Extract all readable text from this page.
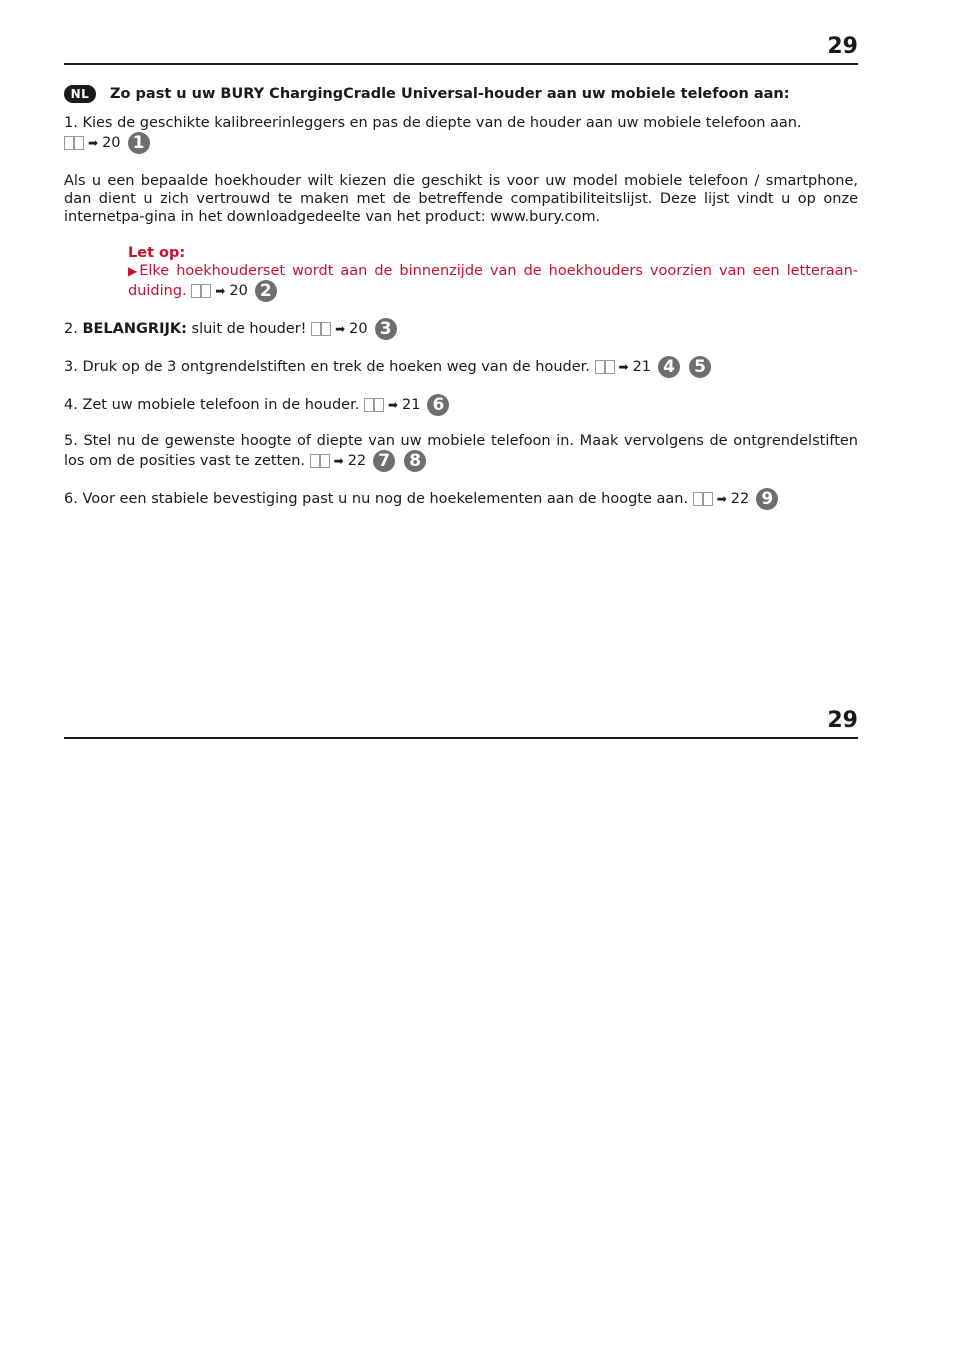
29
NL	Zo past u uw BURY ChargingCradle Universal-houder aan uw mobiele telefoon aan:

1. Kies de geschikte kalibreerinleggers en pas de diepte van de houder aan uw mobiele telefoon aan.

➡ 20 1

Als u een bepaalde hoekhouder wilt kiezen die geschikt is voor uw model mobiele telefoon / smartphone, dan dient u zich vertrouwd te maken met de betreffende compatibiliteitslijst. Deze lijst vindt u op onze internetpa-gina in het downloadgedeelte van het product: www.bury.com.

Let op:

▶ Elke hoekhouderset wordt aan de binnenzijde van de hoekhouders voorzien van een letteraan-duiding. ➡ 20 2

2. BELANGRIJK: sluit de houder! ➡ 20 3

3. Druk op de 3 ontgrendelstiften en trek de hoeken weg van de houder. ➡ 21 4 5

4. Zet uw mobiele telefoon in de houder. ➡ 21 6

5. Stel nu de gewenste hoogte of diepte van uw mobiele telefoon in. Maak vervolgens de ontgrendelstiften los om de posities vast te zetten. ➡ 22 7 8

6. Voor een stabiele bevestiging past u nu nog de hoekelementen aan de hoogte aan. ➡ 22 9

29
